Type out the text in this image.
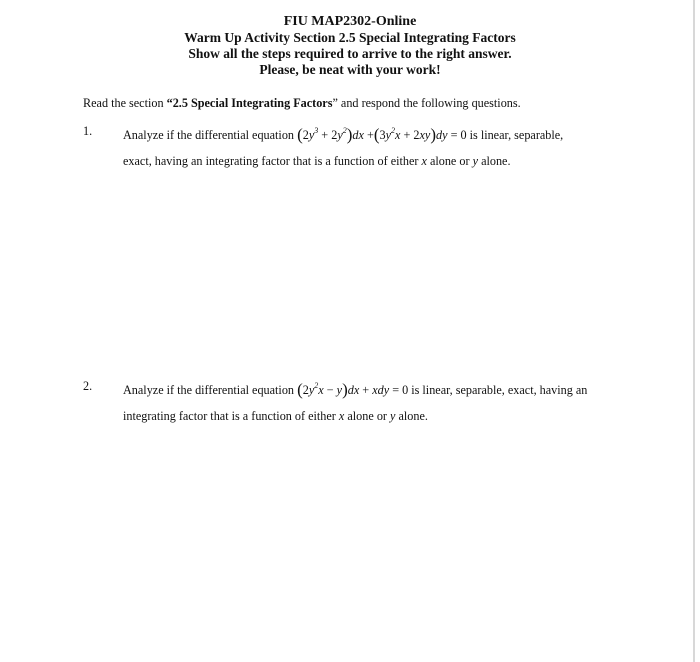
FIU MAP2302-Online
Warm Up Activity Section 2.5 Special Integrating Factors
Show all the steps required to arrive to the right answer.
Please, be neat with your work!
Read the section “2.5 Special Integrating Factors” and respond the following questions.
1.	Analyze if the differential equation $(2y^3 + 2y^2)dx +(3y^2x + 2xy)dy = 0$ is linear, separable,
exact, having an integrating factor that is a function of either x alone or y alone.
2.	Analyze if the differential equation $(2y^2x - y)dx$ + xdy = 0 is linear, separable, exact, having an
integrating factor that is a function of either x alone or y alone.
